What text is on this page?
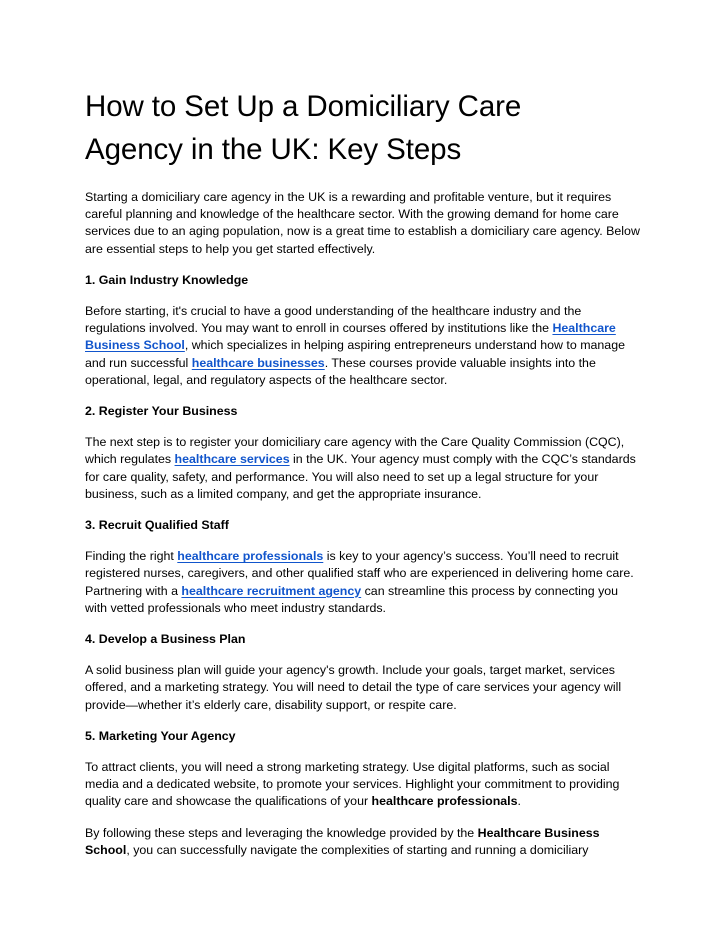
How to Set Up a Domiciliary Care
Agency in the UK: Key Steps

Starting a domiciliary care agency in the UK is a rewarding and profitable venture, but it requires careful planning and knowledge of the healthcare sector. With the growing demand for home care services due to an aging population, now is a great time to establish a domiciliary care agency. Below are essential steps to help you get started effectively.

1. Gain Industry Knowledge

Before starting, it's crucial to have a good understanding of the healthcare industry and the regulations involved. You may want to enroll in courses offered by institutions like the Healthcare Business School, which specializes in helping aspiring entrepreneurs understand how to manage and run successful healthcare businesses. These courses provide valuable insights into the operational, legal, and regulatory aspects of the healthcare sector.

2. Register Your Business

The next step is to register your domiciliary care agency with the Care Quality Commission (CQC), which regulates healthcare services in the UK. Your agency must comply with the CQC’s standards for care quality, safety, and performance. You will also need to set up a legal structure for your business, such as a limited company, and get the appropriate insurance.

3. Recruit Qualified Staff

Finding the right healthcare professionals is key to your agency’s success. You’ll need to recruit registered nurses, caregivers, and other qualified staff who are experienced in delivering home care. Partnering with a healthcare recruitment agency can streamline this process by connecting you with vetted professionals who meet industry standards.

4. Develop a Business Plan

A solid business plan will guide your agency's growth. Include your goals, target market, services offered, and a marketing strategy. You will need to detail the type of care services your agency will provide—whether it’s elderly care, disability support, or respite care.

5. Marketing Your Agency

To attract clients, you will need a strong marketing strategy. Use digital platforms, such as social media and a dedicated website, to promote your services. Highlight your commitment to providing quality care and showcase the qualifications of your healthcare professionals.

By following these steps and leveraging the knowledge provided by the Healthcare Business School, you can successfully navigate the complexities of starting and running a domiciliary
